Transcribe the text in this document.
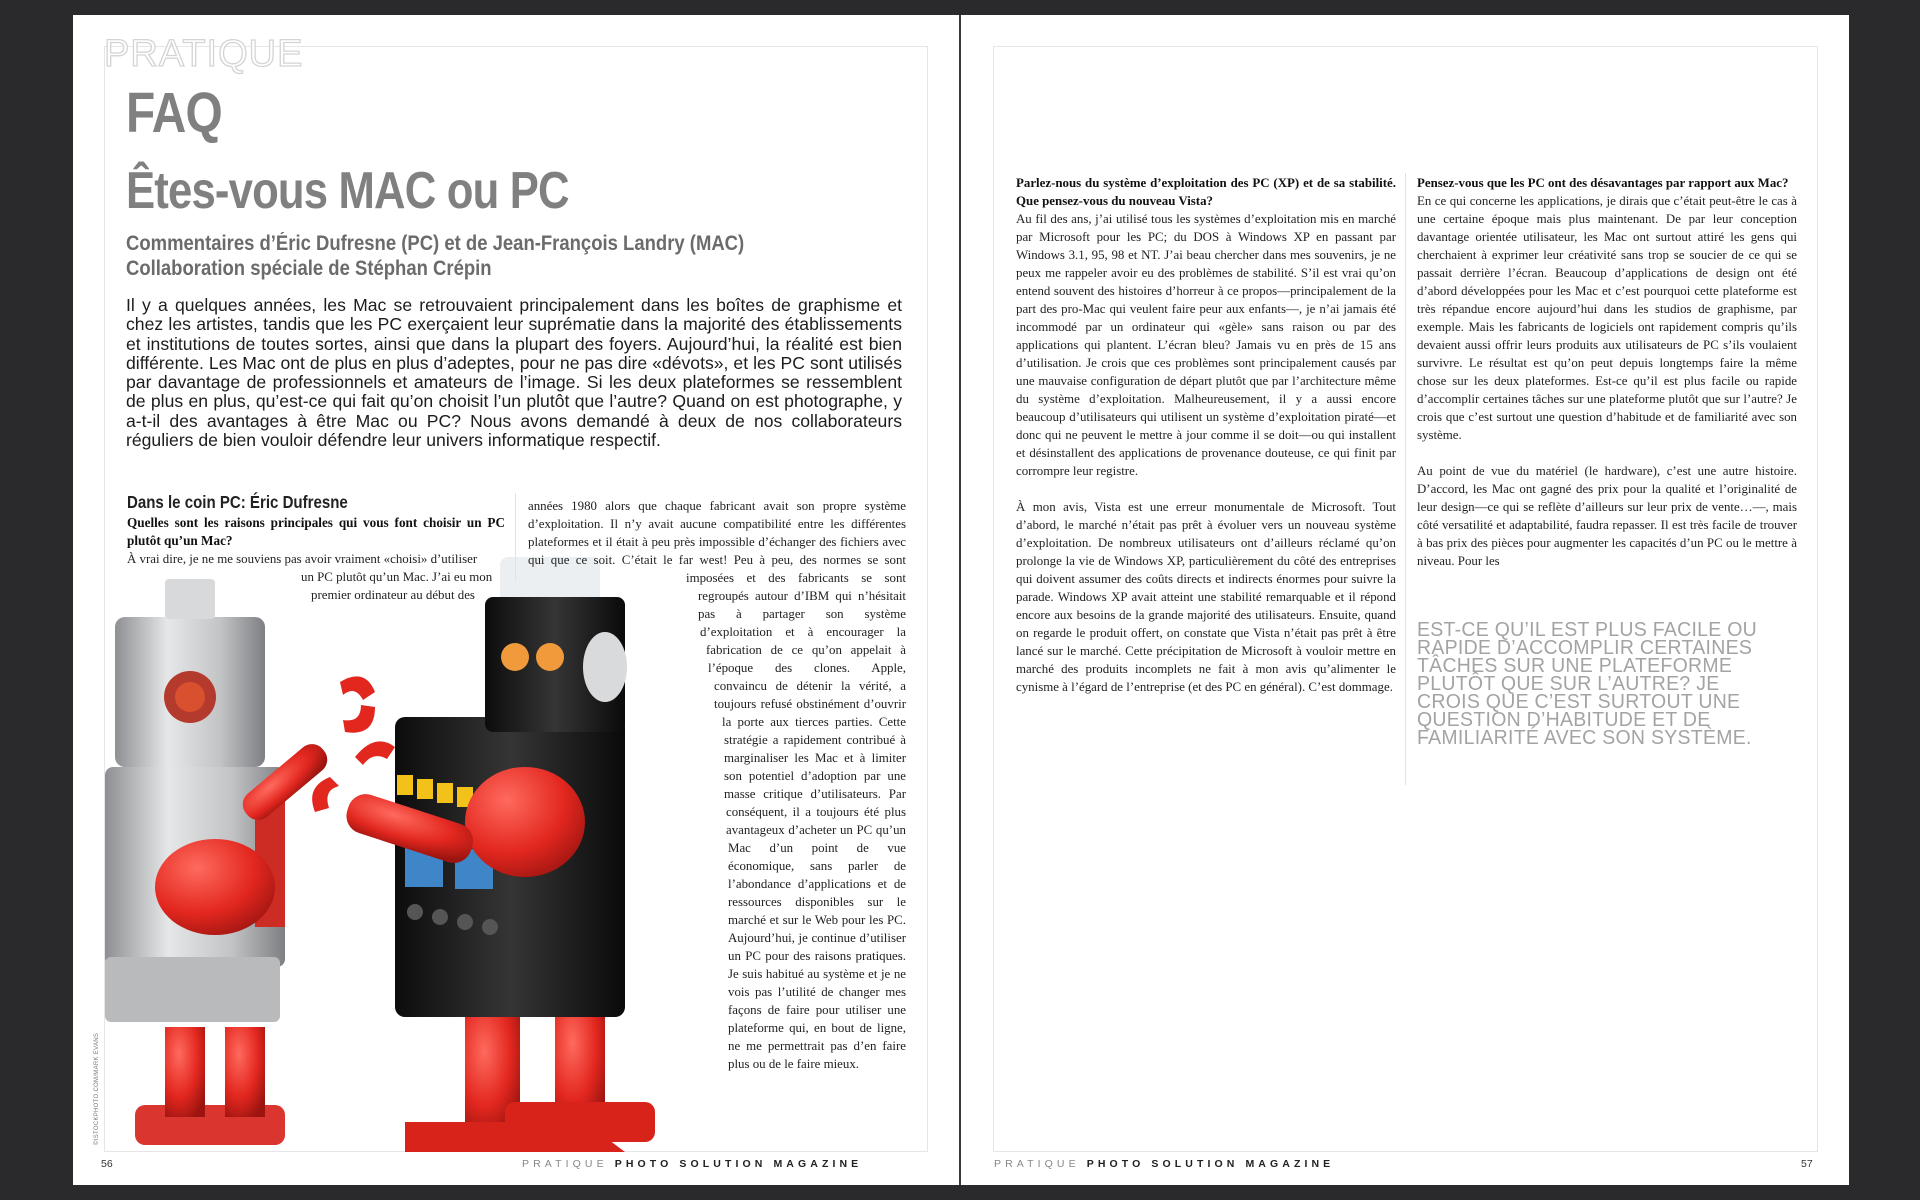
©ISTOCKPHOTO.COM/MARK EVANS
PRATIQUE
FAQ
Êtes-vous MAC ou PC
Commentaires d’Éric Dufresne (PC) et de Jean-François Landry (MAC)
Collaboration spéciale de Stéphan Crépin
Il y a quelques années, les Mac se retrouvaient principalement dans les boîtes de graphisme et chez les artistes, tandis que les PC exerçaient leur suprématie dans la majorité des établissements et institutions de toutes sortes, ainsi que dans la plupart des foyers. Aujourd’hui, la réalité est bien différente. Les Mac ont de plus en plus d’adeptes, pour ne pas dire «dévots», et les PC sont utilisés par davantage de professionnels et amateurs de l’image. Si les deux plateformes se ressemblent de plus en plus, qu’est-ce qui fait qu’on choisit l’un plutôt que l’autre? Quand on est photographe, y a-t-il des avantages à être Mac ou PC? Nous avons demandé à deux de nos collaborateurs réguliers de bien vouloir défendre leur univers informatique respectif.
Dans le coin PC: Éric Dufresne
Quelles sont les raisons principales qui vous font choisir un PC plutôt qu’un Mac?
À vrai dire, je ne me souviens pas avoir vraiment «choisi» d’utiliser
un PC plutôt qu’un Mac. J’ai eu mon
premier ordinateur au début des
années 1980 alors que chaque fabricant avait son propre système d’exploitation. Il n’y avait aucune compatibilité entre les différentes plateformes et il était à peu près impossible d’échanger des fichiers avec qui que ce soit. C’était le far west! Peu à peu, des normes se sont imposées et des fabricants se sont regroupés autour d’IBM qui n’hésitait pas à partager son système d’exploitation et à encourager la fabrication de ce qu’on appelait à l’époque des clones. Apple, convaincu de détenir la vérité, a toujours refusé obstinément d’ouvrir la porte aux tierces parties. Cette stratégie a rapidement contribué à marginaliser les Mac et à limiter son potentiel d’adoption par une masse critique d’utilisateurs. Par conséquent, il a toujours été plus avantageux d’acheter un PC qu’un Mac d’un point de vue économique, sans parler de l’abondance d’applications et de ressources disponibles sur le marché et sur le Web pour les PC. Aujourd’hui, je continue d’utiliser un PC pour des raisons pratiques. Je suis habitué au système et je ne vois pas l’utilité de changer mes façons de faire pour utiliser une plateforme qui, en bout de ligne, ne me permettrait pas d’en faire plus ou de le faire mieux.
56	PRATIQUE PHOTO SOLUTION MAGAZINE

Parlez-nous du système d’exploitation des PC (XP) et de sa stabilité. Que pensez-vous du nouveau Vista?

Au fil des ans, j’ai utilisé tous les systèmes d’exploitation mis en marché par Microsoft pour les PC; du DOS à Windows XP en passant par Windows 3.1, 95, 98 et NT. J’ai beau chercher dans mes souvenirs, je ne peux me rappeler avoir eu des problèmes de stabilité. S’il est vrai qu’on entend souvent des histoires d’horreur à ce propos—principalement de la part des pro-Mac qui veulent faire peur aux enfants—, je n’ai jamais été incommodé par un ordinateur qui «gèle» sans raison ou par des applications qui plantent. L’écran bleu? Jamais vu en près de 15 ans d’utilisation. Je crois que ces problèmes sont principalement causés par une mauvaise configuration de départ plutôt que par l’architecture même du système d’exploitation. Malheureusement, il y a aussi encore beaucoup d’utilisateurs qui utilisent un système d’exploitation piraté—et donc qui ne peuvent le mettre à jour comme il se doit—ou qui installent et désinstallent des applications de provenance douteuse, ce qui finit par corrompre leur registre.

À mon avis, Vista est une erreur monumentale de Microsoft. Tout d’abord, le marché n’était pas prêt à évoluer vers un nouveau système d’exploitation. De nombreux utilisateurs ont d’ailleurs réclamé qu’on prolonge la vie de Windows XP, particulièrement du côté des entreprises qui doivent assumer des coûts directs et indirects énormes pour suivre la parade. Windows XP avait atteint une stabilité remarquable et il répond encore aux besoins de la grande majorité des utilisateurs. Ensuite, quand on regarde le produit offert, on constate que Vista n’était pas prêt à être lancé sur le marché. Cette précipitation de Microsoft à vouloir mettre en marché des produits incomplets ne fait à mon avis qu’alimenter le cynisme à l’égard de l’entreprise (et des PC en général). C’est dommage.

Pensez-vous que les PC ont des désavantages par rapport aux Mac?

En ce qui concerne les applications, je dirais que c’était peut-être le cas à une certaine époque mais plus maintenant. De par leur conception davantage orientée utilisateur, les Mac ont surtout attiré les gens qui cherchaient à exprimer leur créativité sans trop se soucier de ce qui se passait derrière l’écran. Beaucoup d’applications de design ont été d’abord développées pour les Mac et c’est pourquoi cette plateforme est très répandue encore aujourd’hui dans les studios de graphisme, par exemple. Mais les fabricants de logiciels ont rapidement compris qu’ils devaient aussi offrir leurs produits aux utilisateurs de PC s’ils voulaient survivre. Le résultat est qu’on peut depuis longtemps faire la même chose sur les deux plateformes. Est-ce qu’il est plus facile ou rapide d’accomplir certaines tâches sur une plateforme plutôt que sur l’autre? Je crois que c’est surtout une question d’habitude et de familiarité avec son système.

Au point de vue du matériel (le hardware), c’est une autre histoire. D’accord, les Mac ont gagné des prix pour la qualité et l’originalité de leur design—ce qui se reflète d’ailleurs sur leur prix de vente…—, mais côté versatilité et adaptabilité, faudra repasser. Il est très facile de trouver à bas prix des pièces pour augmenter les capacités d’un PC ou le mettre à niveau. Pour les

EST-CE QU’IL EST PLUS FACILE OU RAPIDE D’ACCOMPLIR CERTAINES TÂCHES SUR UNE PLATEFORME PLUTÔT QUE SUR L’AUTRE? JE CROIS QUE C’EST SURTOUT UNE QUESTION D’HABITUDE ET DE FAMILIARITÉ AVEC SON SYSTÈME.
PRATIQUE PHOTO SOLUTION MAGAZINE	57
